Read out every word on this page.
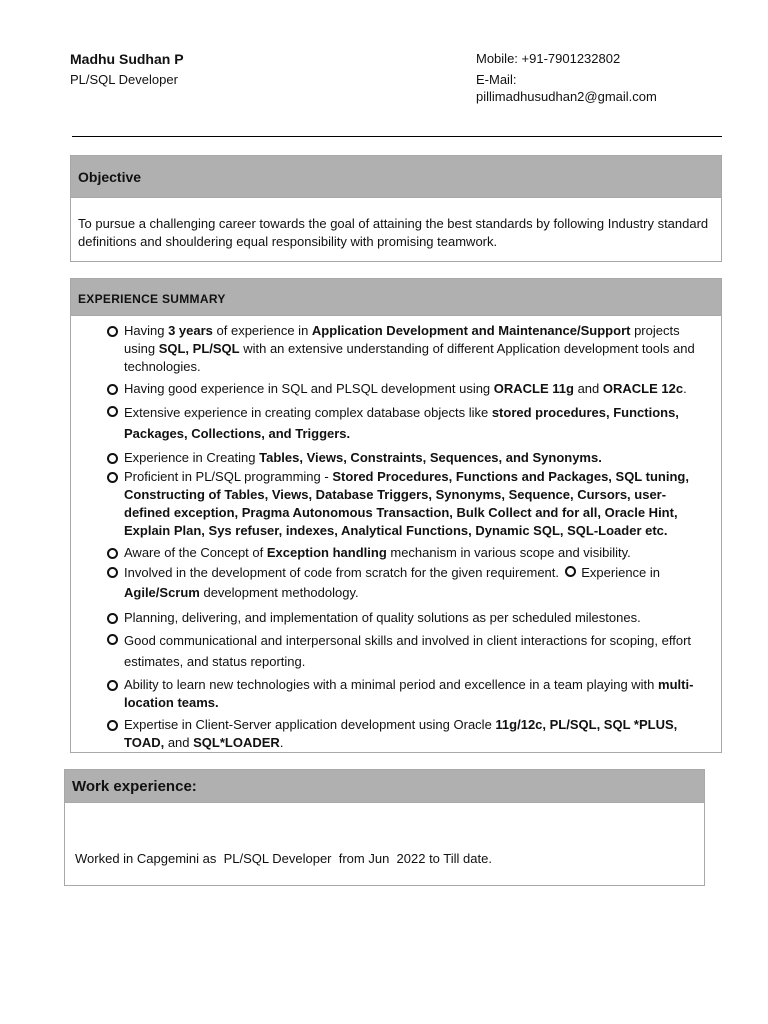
Madhu Sudhan P
PL/SQL Developer
Mobile: +91-7901232802
E-Mail:
pillimadhusudhan2@gmail.com
Objective
To pursue a challenging career towards the goal of attaining the best standards by following Industry standard definitions and shouldering equal responsibility with promising teamwork.
EXPERIENCE SUMMARY
Having 3 years of experience in Application Development and Maintenance/Support projects using SQL, PL/SQL with an extensive understanding of different Application development tools and technologies.
Having good experience in SQL and PLSQL development using ORACLE 11g and ORACLE 12c.
Extensive experience in creating complex database objects like stored procedures, Functions, Packages, Collections, and Triggers.
Experience in Creating Tables, Views, Constraints, Sequences, and Synonyms.
Proficient in PL/SQL programming - Stored Procedures, Functions and Packages, SQL tuning, Constructing of Tables, Views, Database Triggers, Synonyms, Sequence, Cursors, user-defined exception, Pragma Autonomous Transaction, Bulk Collect and for all, Oracle Hint, Explain Plan, Sys refuser, indexes, Analytical Functions, Dynamic SQL, SQL-Loader etc.
Aware of the Concept of Exception handling mechanism in various scope and visibility.
Involved in the development of code from scratch for the given requirement.  Experience in Agile/Scrum development methodology.
Planning, delivering, and implementation of quality solutions as per scheduled milestones.
Good communicational and interpersonal skills and involved in client interactions for scoping, effort estimates, and status reporting.
Ability to learn new technologies with a minimal period and excellence in a team playing with multi-location teams.
Expertise in Client-Server application development using Oracle 11g/12c, PL/SQL, SQL *PLUS, TOAD, and SQL*LOADER.
Work experience:
Worked in Capgemini as  PL/SQL Developer  from Jun  2022 to Till date.
